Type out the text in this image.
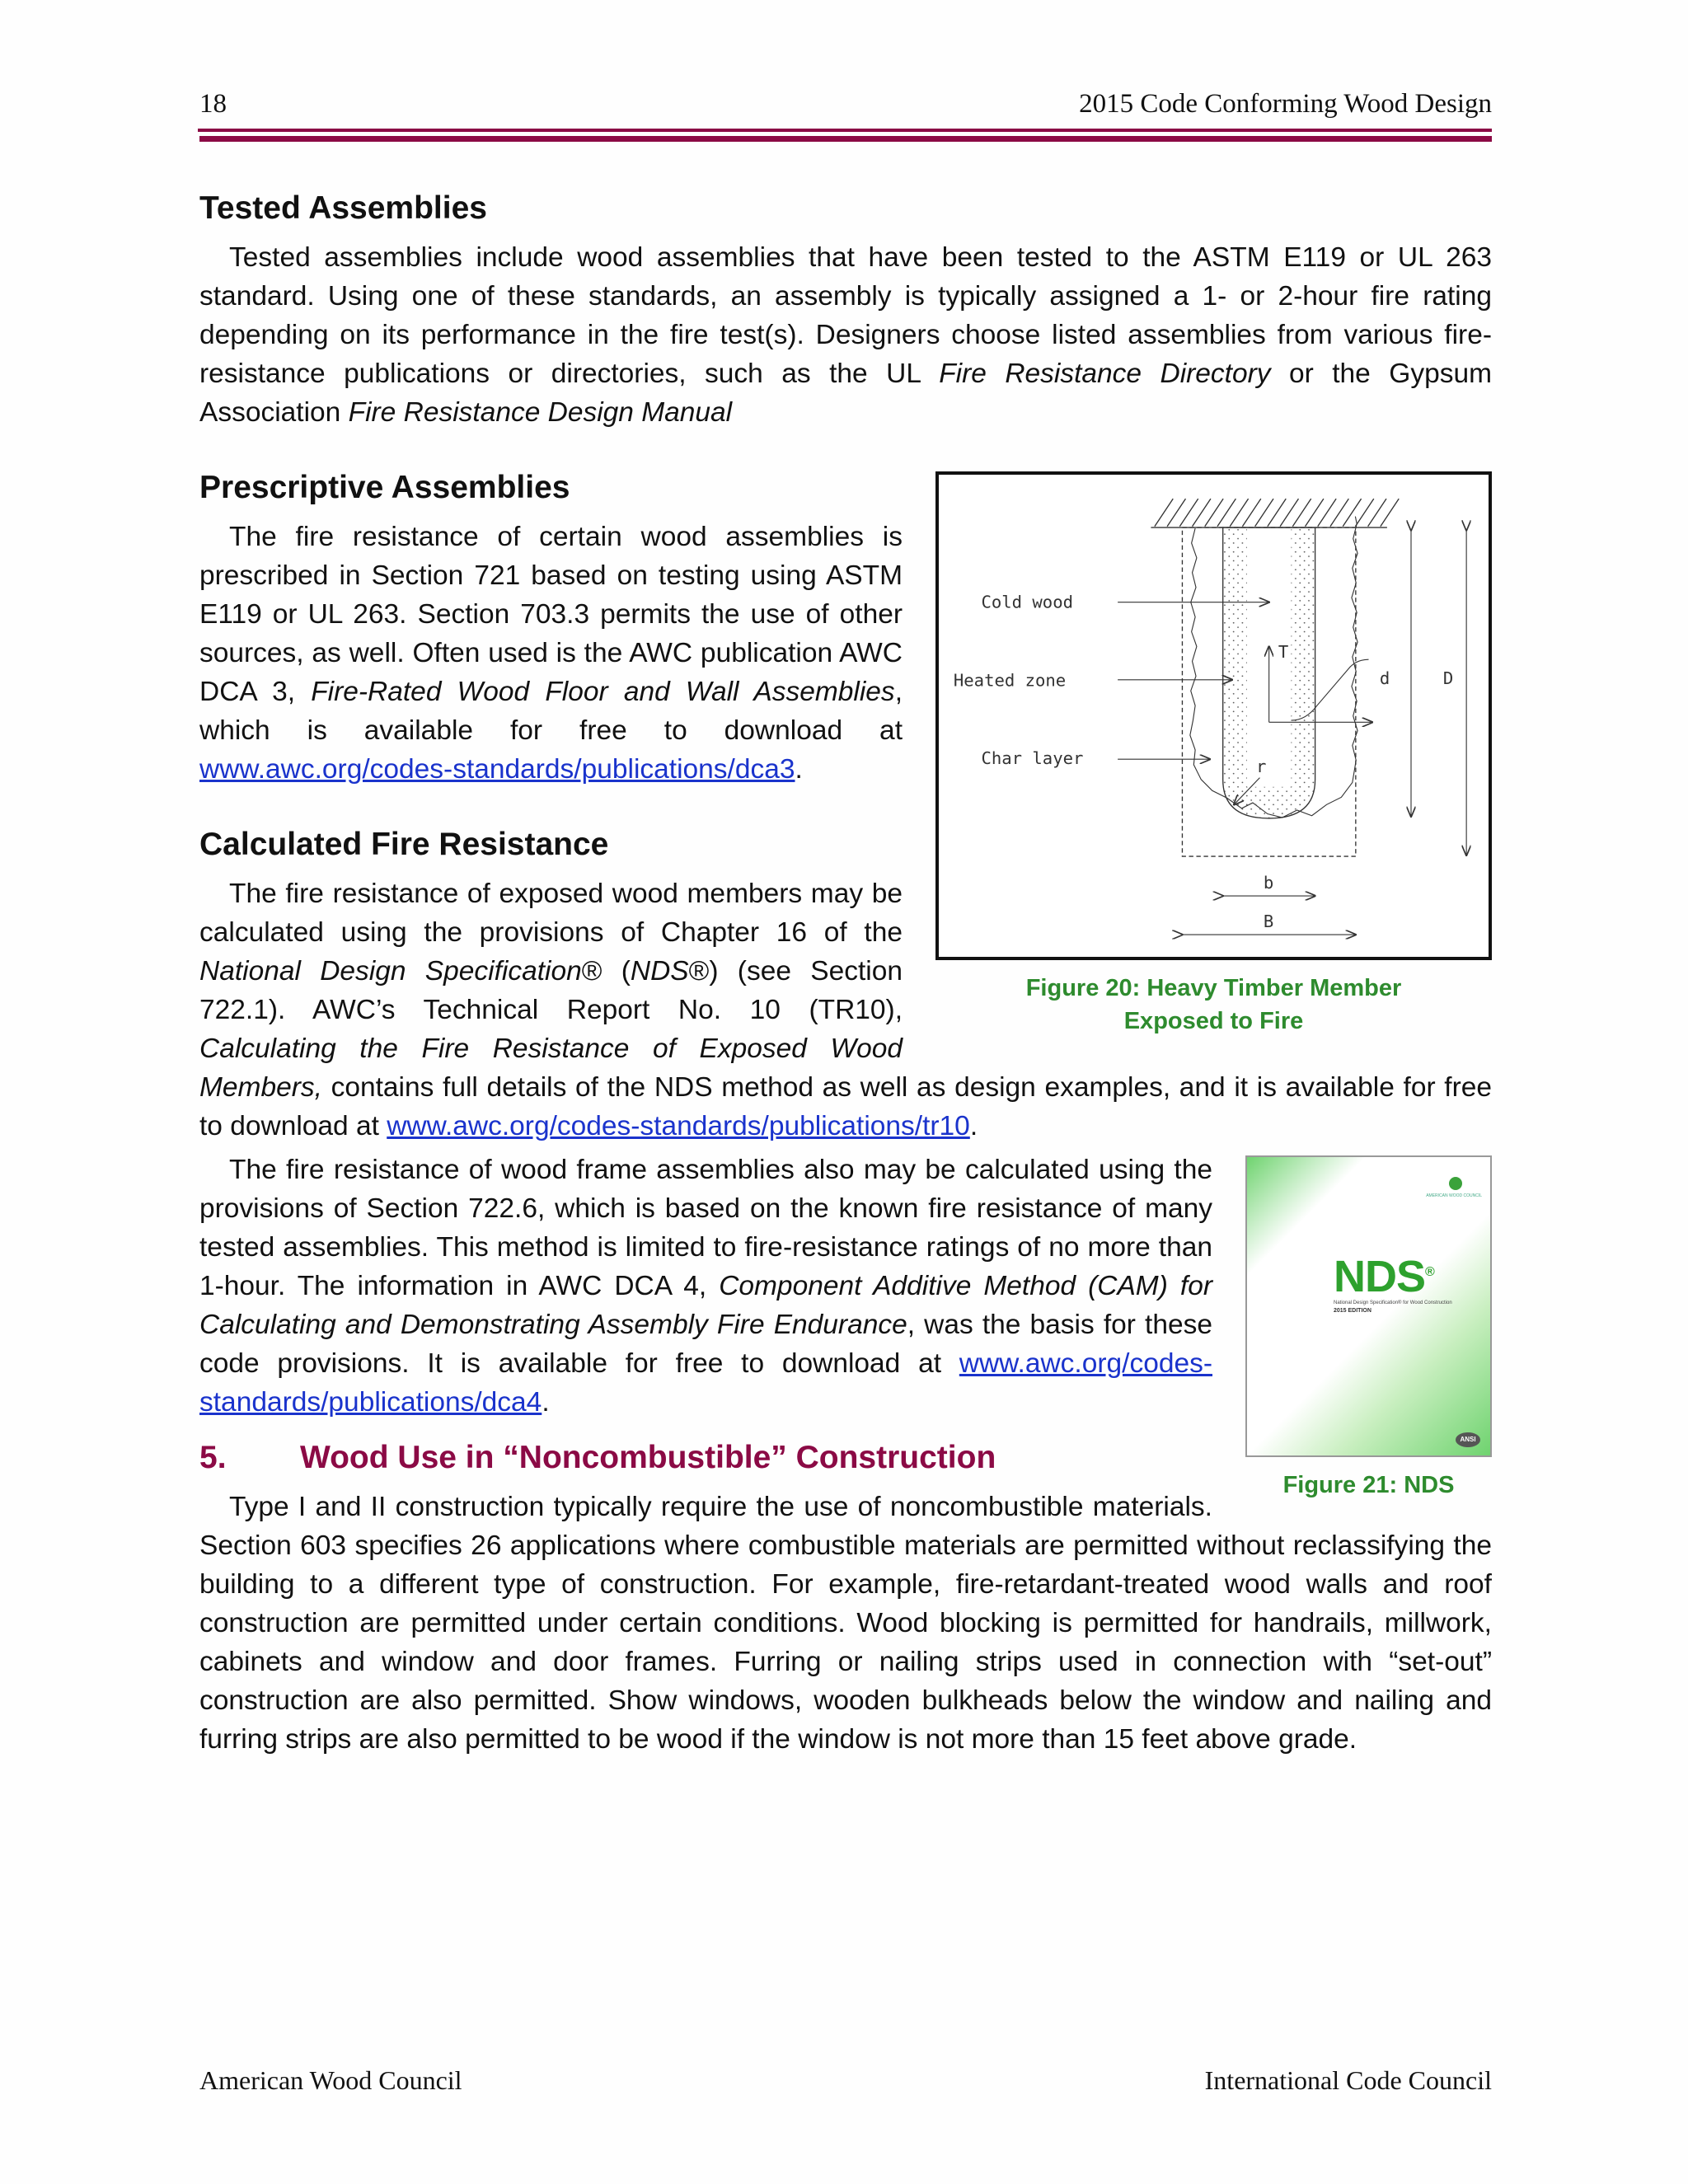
18	2015 Code Conforming Wood Design
Tested Assemblies

Tested assemblies include wood assemblies that have been tested to the ASTM E119 or UL 263 standard. Using one of these standards, an assembly is typically assigned a 1- or 2-hour fire rating depending on its performance in the fire test(s). Designers choose listed assemblies from various fire-resistance publications or directories, such as the UL Fire Resistance Directory or the Gypsum Association Fire Resistance Design Manual

Cold wood
Heated zone
Char layer
T
d D
r
b
B
Figure 20: Heavy Timber Member
Exposed to Fire
Prescriptive Assemblies

The fire resistance of certain wood assemblies is prescribed in Section 721 based on testing using ASTM E119 or UL 263. Section 703.3 permits the use of other sources, as well. Often used is the AWC publication AWC DCA 3, Fire-Rated Wood Floor and Wall Assemblies, which is available for free to download at www.awc.org/codes-standards/publications/dca3.

Calculated Fire Resistance

The fire resistance of exposed wood members may be calculated using the provisions of Chapter 16 of the National Design Specification® (NDS®) (see Section 722.1). AWC’s Technical Report No. 10 (TR10), Calculating the Fire Resistance of Exposed Wood Members, contains full details of the NDS method as well as design examples, and it is available for free to download at www.awc.org/codes-standards/publications/tr10.

AMERICAN WOOD COUNCIL
NDS®
National Design Specification® for Wood Construction
2015 EDITION
ANSI
Figure 21: NDS

The fire resistance of wood frame assemblies also may be calculated using the provisions of Section 722.6, which is based on the known fire resistance of many tested assemblies. This method is limited to fire-resistance ratings of no more than 1-hour. The information in AWC DCA 4, Component Additive Method (CAM) for Calculating and Demonstrating Assembly Fire Endurance, was the basis for these code provisions. It is available for free to download at www.awc.org/codes-standards/publications/dca4.

5. Wood Use in “Noncombustible” Construction

Type I and II construction typically require the use of noncombustible materials. Section 603 specifies 26 applications where combustible materials are permitted without reclassifying the building to a different type of construction. For example, fire-retardant-treated wood walls and roof construction are permitted under certain conditions. Wood blocking is permitted for handrails, millwork, cabinets and window and door frames. Furring or nailing strips used in connection with “set-out” construction are also permitted. Show windows, wooden bulkheads below the window and nailing and furring strips are also permitted to be wood if the window is not more than 15 feet above grade.

American Wood Council	International Code Council
